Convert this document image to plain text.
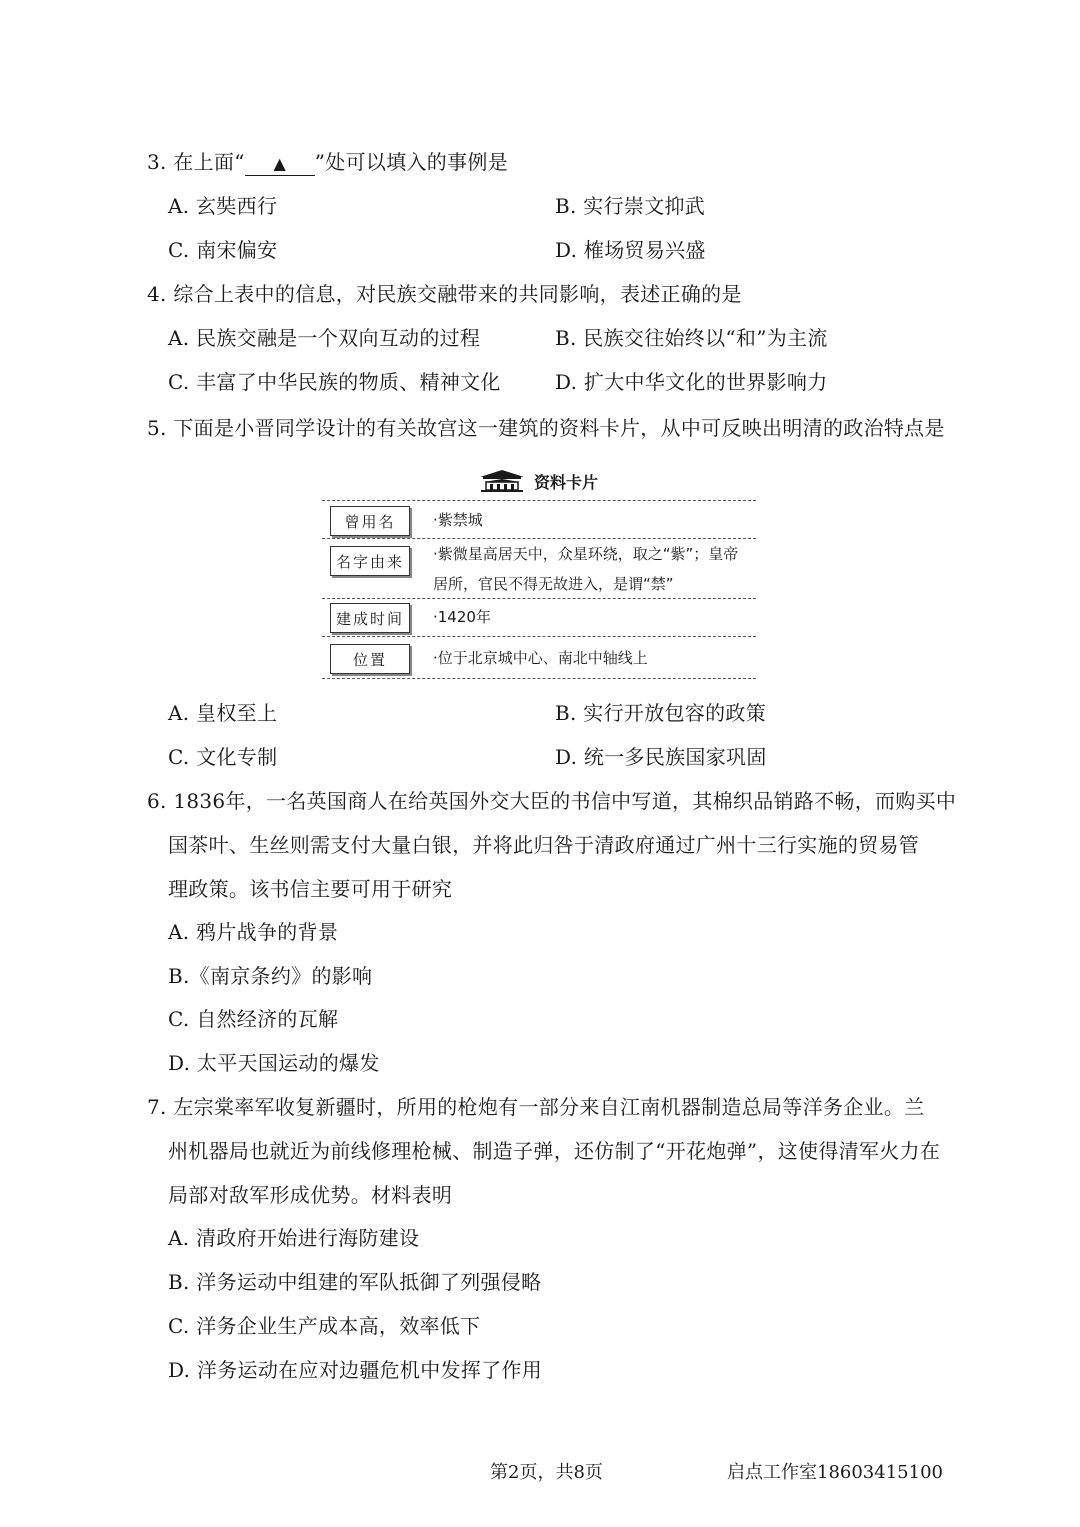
3. 在上面“ ▲ ”处可以填入的事例是
A. 玄奘西行	B. 实行崇文抑武
C. 南宋偏安	D. 榷场贸易兴盛
4. 综合上表中的信息，对民族交融带来的共同影响，表述正确的是
A. 民族交融是一个双向互动的过程	B. 民族交往始终以“和”为主流
C. 丰富了中华民族的物质、精神文化	D. 扩大中华文化的世界影响力
5. 下面是小晋同学设计的有关故宫这一建筑的资料卡片，从中可反映出明清的政治特点是
资料卡片
曾用名	·紫禁城
名字由来	·紫微星高居天中，众星环绕，取之“紫”；皇帝
居所，官民不得无故进入，是谓“禁”
建成时间	·1420年
位置	·位于北京城中心、南北中轴线上
A. 皇权至上	B. 实行开放包容的政策
C. 文化专制	D. 统一多民族国家巩固
6. 1836年，一名英国商人在给英国外交大臣的书信中写道，其棉织品销路不畅，而购买中
国茶叶、生丝则需支付大量白银，并将此归咎于清政府通过广州十三行实施的贸易管
理政策。该书信主要可用于研究
A. 鸦片战争的背景
B.《南京条约》的影响
C. 自然经济的瓦解
D. 太平天国运动的爆发
7. 左宗棠率军收复新疆时，所用的枪炮有一部分来自江南机器制造总局等洋务企业。兰
州机器局也就近为前线修理枪械、制造子弹，还仿制了“开花炮弹”，这使得清军火力在
局部对敌军形成优势。材料表明
A. 清政府开始进行海防建设
B. 洋务运动中组建的军队抵御了列强侵略
C. 洋务企业生产成本高，效率低下
D. 洋务运动在应对边疆危机中发挥了作用
第2页，共8页	启点工作室18603415100
